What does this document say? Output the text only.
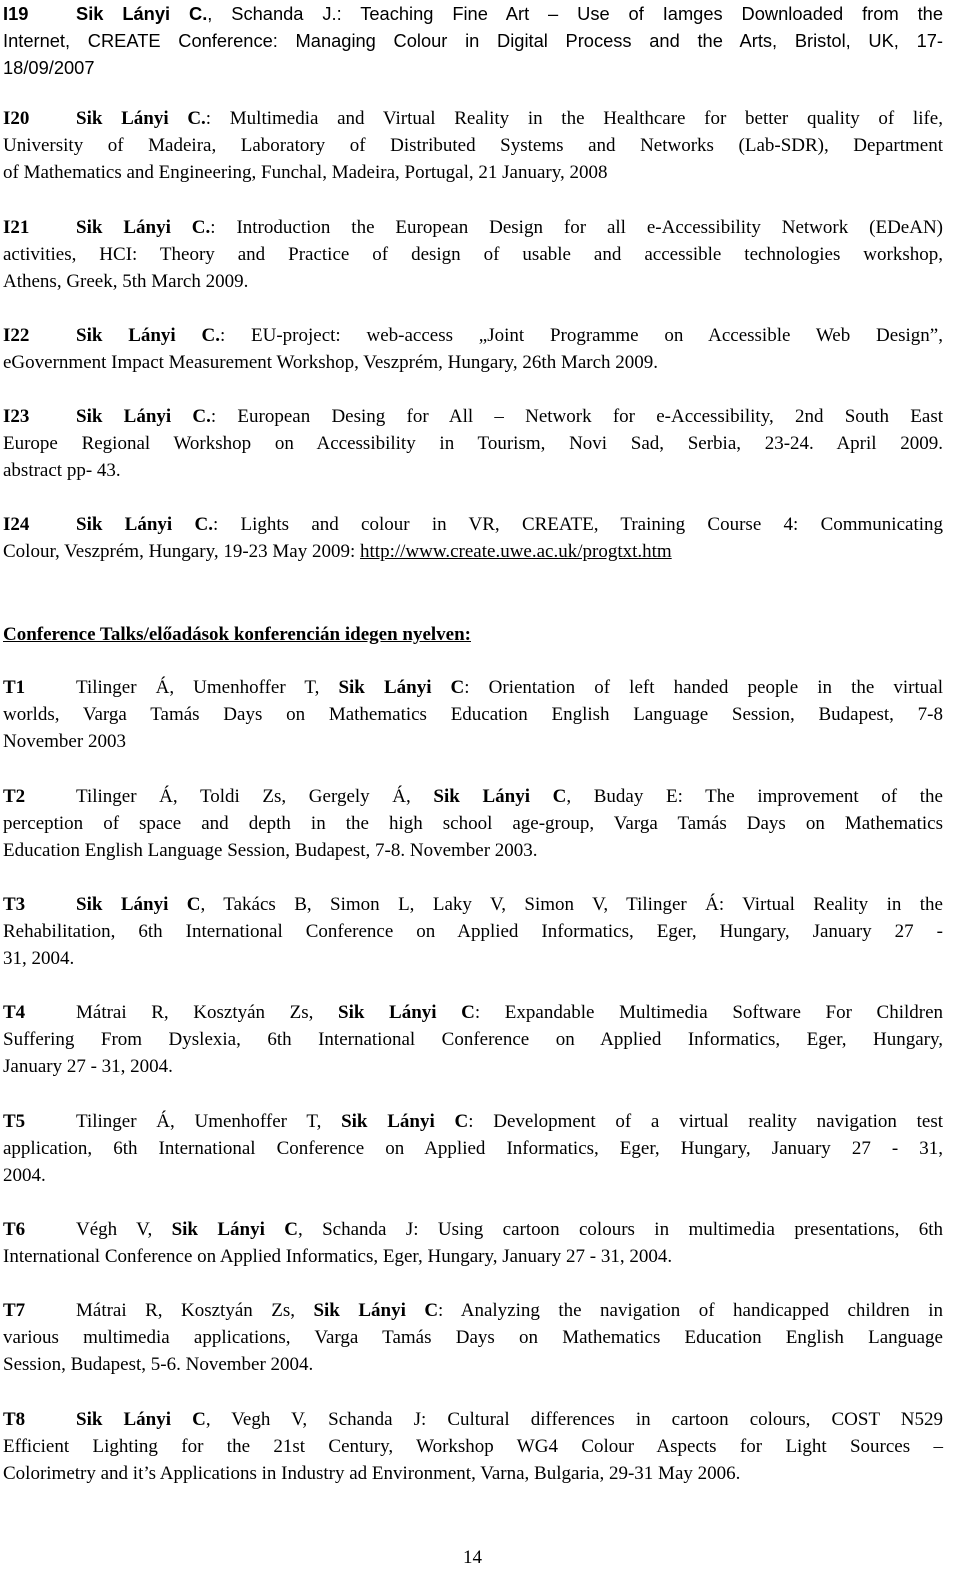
I19	Sik Lányi C., Schanda J.: Teaching Fine Art – Use of Iamges Downloaded from the
Internet, CREATE Conference: Managing Colour in Digital Process and the Arts, Bristol, UK, 17-
18/09/2007
I20 Sik Lányi C.: Multimedia and Virtual Reality in the Healthcare for better quality of life,
University of Madeira, Laboratory of Distributed Systems and Networks (Lab-SDR), Department
of Mathematics and Engineering, Funchal, Madeira, Portugal, 21 January, 2008
I21 Sik Lányi C.: Introduction the European Design for all e-Accessibility Network (EDeAN)
activities, HCI: Theory and Practice of design of usable and accessible technologies workshop,
Athens, Greek, 5th March 2009.
I22 Sik Lányi C.: EU-project: web-access „Joint Programme on Accessible Web Design”,
eGovernment Impact Measurement Workshop, Veszprém, Hungary, 26th March 2009.
I23 Sik Lányi C.: European Desing for All – Network for e-Accessibility, 2nd South East
Europe Regional Workshop on Accessibility in Tourism, Novi Sad, Serbia, 23-24. April 2009.
abstract pp- 43.
I24 Sik Lányi C.: Lights and colour in VR, CREATE, Training Course 4: Communicating
Colour, Veszprém, Hungary, 19-23 May 2009: http://www.create.uwe.ac.uk/progtxt.htm
Conference Talks/előadások konferencián idegen nyelven:
T1	Tilinger Á, Umenhoffer T, Sik Lányi C: Orientation of left handed people in the virtual
worlds, Varga Tamás Days on Mathematics Education English Language Session, Budapest, 7-8
November 2003
T2	Tilinger Á, Toldi Zs, Gergely Á, Sik Lányi C, Buday E: The improvement of the
perception of space and depth in the high school age-group, Varga Tamás Days on Mathematics
Education English Language Session, Budapest, 7-8. November 2003.
T3	Sik Lányi C, Takács B, Simon L, Laky V, Simon V, Tilinger Á: Virtual Reality in the
Rehabilitation, 6th International Conference on Applied Informatics, Eger, Hungary, January 27 -
31, 2004.
T4	Mátrai R, Kosztyán Zs, Sik Lányi C: Expandable Multimedia Software For Children
Suffering From Dyslexia, 6th International Conference on Applied Informatics, Eger, Hungary,
January 27 - 31, 2004.
T5	Tilinger Á, Umenhoffer T, Sik Lányi C: Development of a virtual reality navigation test
application, 6th International Conference on Applied Informatics, Eger, Hungary, January 27 - 31,
2004.
T6	Végh V, Sik Lányi C, Schanda J: Using cartoon colours in multimedia presentations, 6th
International Conference on Applied Informatics, Eger, Hungary, January 27 - 31, 2004.
T7	Mátrai R, Kosztyán Zs, Sik Lányi C: Analyzing the navigation of handicapped children in
various multimedia applications, Varga Tamás Days on Mathematics Education English Language
Session, Budapest, 5-6. November 2004.
T8	Sik Lányi C, Vegh V, Schanda J: Cultural differences in cartoon colours, COST N529
Efficient Lighting for the 21st Century, Workshop WG4 Colour Aspects for Light Sources –
Colorimetry and it’s Applications in Industry ad Environment, Varna, Bulgaria, 29-31 May 2006.
14
